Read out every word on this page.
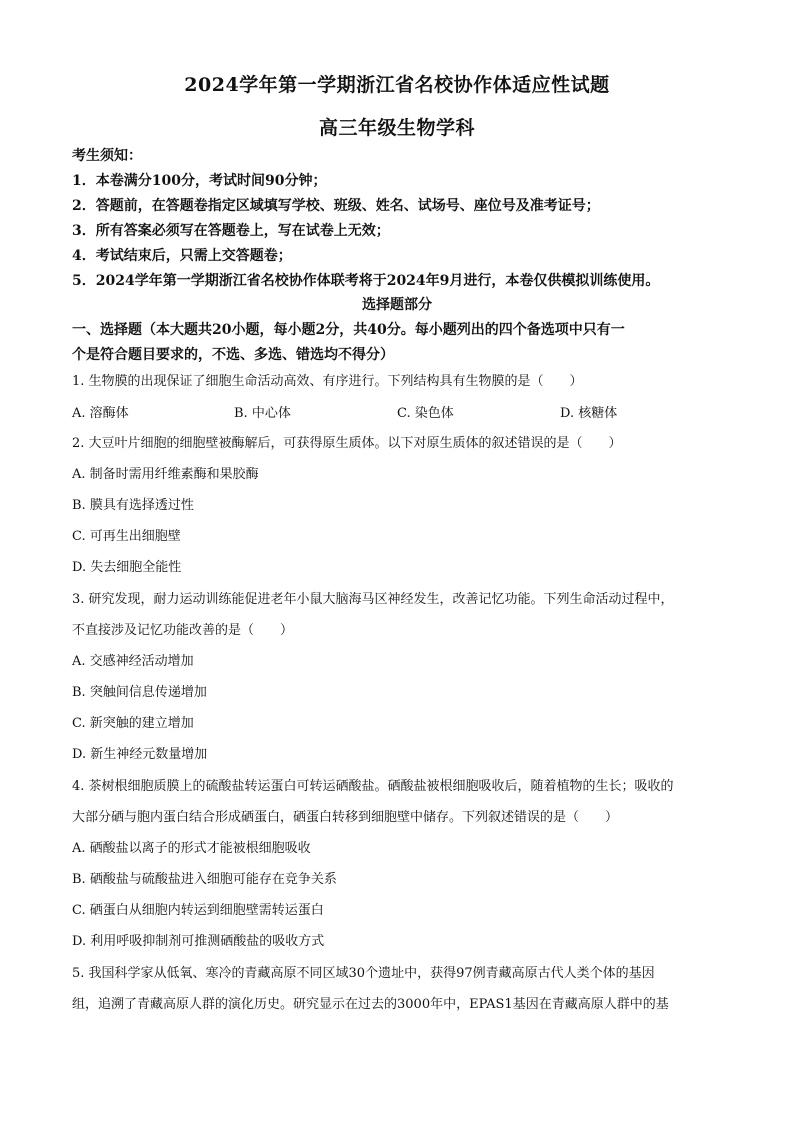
2024学年第一学期浙江省名校协作体适应性试题
高三年级生物学科
考生须知：
1．本卷满分100分，考试时间90分钟；
2．答题前，在答题卷指定区域填写学校、班级、姓名、试场号、座位号及准考证号；
3．所有答案必须写在答题卷上，写在试卷上无效；
4．考试结束后，只需上交答题卷；
5．2024学年第一学期浙江省名校协作体联考将于2024年9月进行，本卷仅供模拟训练使用。
选择题部分
一、选择题（本大题共20小题，每小题2分，共40分。每小题列出的四个备选项中只有一
个是符合题目要求的，不选、多选、错选均不得分）
1. 生物膜的出现保证了细胞生命活动高效、有序进行。下列结构具有生物膜的是（　　）
A. 溶酶体	B. 中心体	C. 染色体	D. 核糖体
2. 大豆叶片细胞的细胞壁被酶解后，可获得原生质体。以下对原生质体的叙述错误的是（　　）
A. 制备时需用纤维素酶和果胶酶
B. 膜具有选择透过性
C. 可再生出细胞壁
D. 失去细胞全能性
3. 研究发现，耐力运动训练能促进老年小鼠大脑海马区神经发生，改善记忆功能。下列生命活动过程中，
不直接涉及记忆功能改善的是（　　）
A. 交感神经活动增加
B. 突触间信息传递增加
C. 新突触的建立增加
D. 新生神经元数量增加
4. 茶树根细胞质膜上的硫酸盐转运蛋白可转运硒酸盐。硒酸盐被根细胞吸收后，随着植物的生长；吸收的
大部分硒与胞内蛋白结合形成硒蛋白，硒蛋白转移到细胞壁中储存。下列叙述错误的是（　　）
A. 硒酸盐以离子的形式才能被根细胞吸收
B. 硒酸盐与硫酸盐进入细胞可能存在竞争关系
C. 硒蛋白从细胞内转运到细胞壁需转运蛋白
D. 利用呼吸抑制剂可推测硒酸盐的吸收方式
5. 我国科学家从低氧、寒冷的青藏高原不同区域30个遗址中，获得97例青藏高原古代人类个体的基因
组，追溯了青藏高原人群的演化历史。研究显示在过去的3000年中，EPAS1基因在青藏高原人群中的基
